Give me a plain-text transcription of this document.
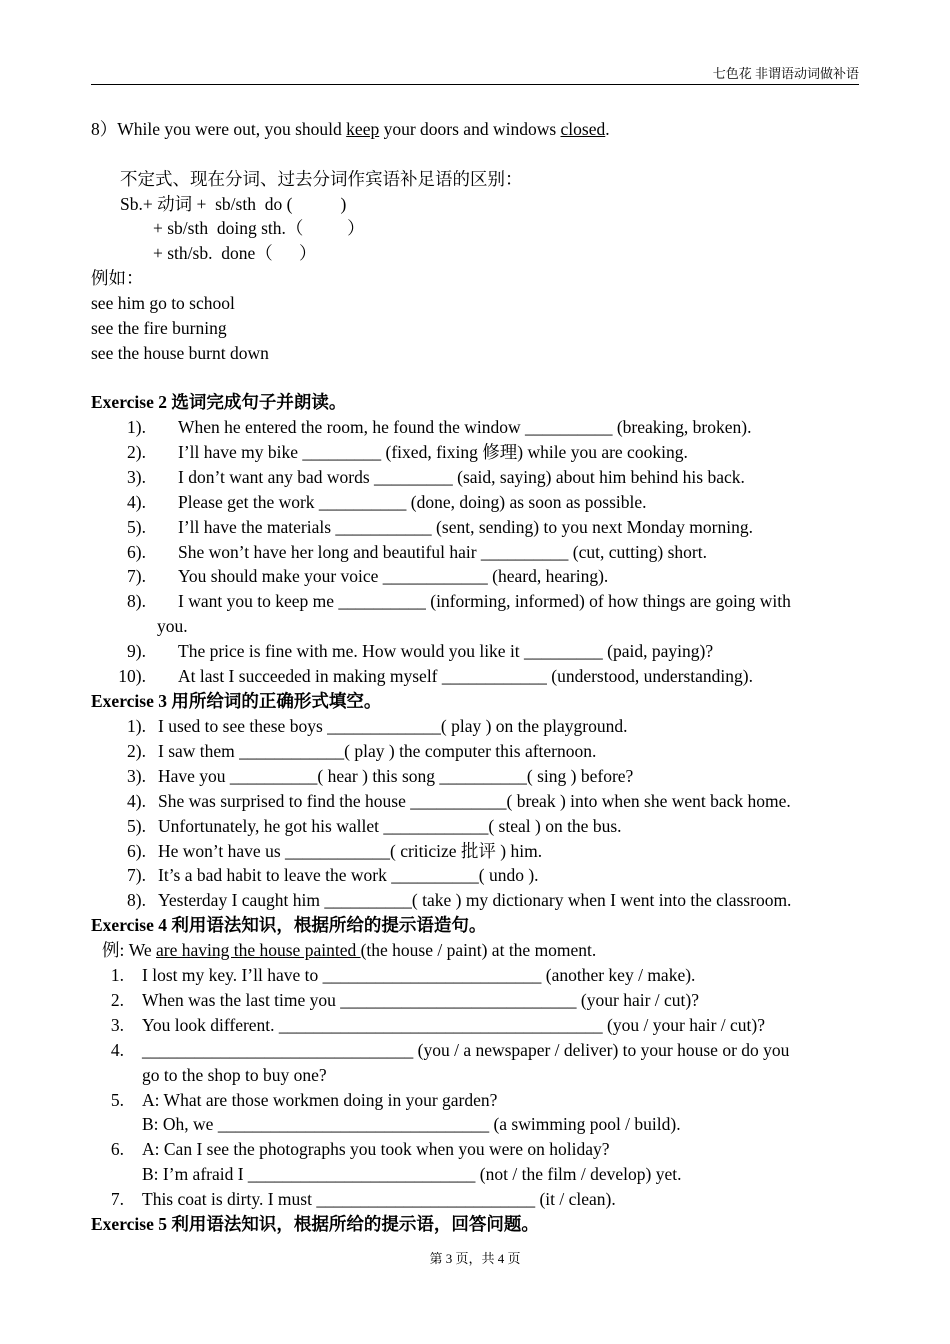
七色花 非谓语动词做补语
8）While you were out, you should keep your doors and windows closed.
不定式、现在分词、过去分词作宾语补足语的区别：
Sb.+ 动词 +  sb/sth  do (           )
+ sb/sth  doing sth.（          ）
+ sth/sb.  done（      ）
例如：
see him go to school
see the fire burning
see the house burnt down
Exercise 2 选词完成句子并朗读。
1). When he entered the room, he found the window __________ (breaking, broken).
2). I’ll have my bike _________ (fixed, fixing 修理) while you are cooking.
3). I don’t want any bad words _________ (said, saying) about him behind his back.
4). Please get the work __________ (done, doing) as soon as possible.
5). I’ll have the materials ___________ (sent, sending) to you next Monday morning.
6). She won’t have her long and beautiful hair __________ (cut, cutting) short.
7). You should make your voice ____________ (heard, hearing).
8). I want you to keep me __________ (informing, informed) of how things are going with
you.
9). The price is fine with me. How would you like it _________ (paid, paying)?
10). At last I succeeded in making myself ____________ (understood, understanding).
Exercise 3 用所给词的正确形式填空。
1). I used to see these boys _____________( play ) on the playground.
2). I saw them ____________( play ) the computer this afternoon.
3). Have you __________( hear ) this song __________( sing ) before?
4). She was surprised to find the house ___________( break ) into when she went back home.
5). Unfortunately, he got his wallet ____________( steal ) on the bus.
6). He won’t have us ____________( criticize 批评 ) him.
7). It’s a bad habit to leave the work __________( undo ).
8). Yesterday I caught him __________( take ) my dictionary when I went into the classroom.
Exercise 4 利用语法知识，根据所给的提示语造句。
例: We are having the house painted (the house / paint) at the moment.
1. I lost my key. I’ll have to _________________________ (another key / make).
2. When was the last time you ___________________________ (your hair / cut)?
3. You look different. _____________________________________ (you / your hair / cut)?
4. _______________________________ (you / a newspaper / deliver) to your house or do you
go to the shop to buy one?
5. A: What are those workmen doing in your garden?
B: Oh, we _______________________________ (a swimming pool / build).
6. A: Can I see the photographs you took when you were on holiday?
B: I’m afraid I __________________________ (not / the film / develop) yet.
7. This coat is dirty. I must _________________________ (it / clean).
Exercise 5 利用语法知识，根据所给的提示语，回答问题。
第 3 页，共 4 页
